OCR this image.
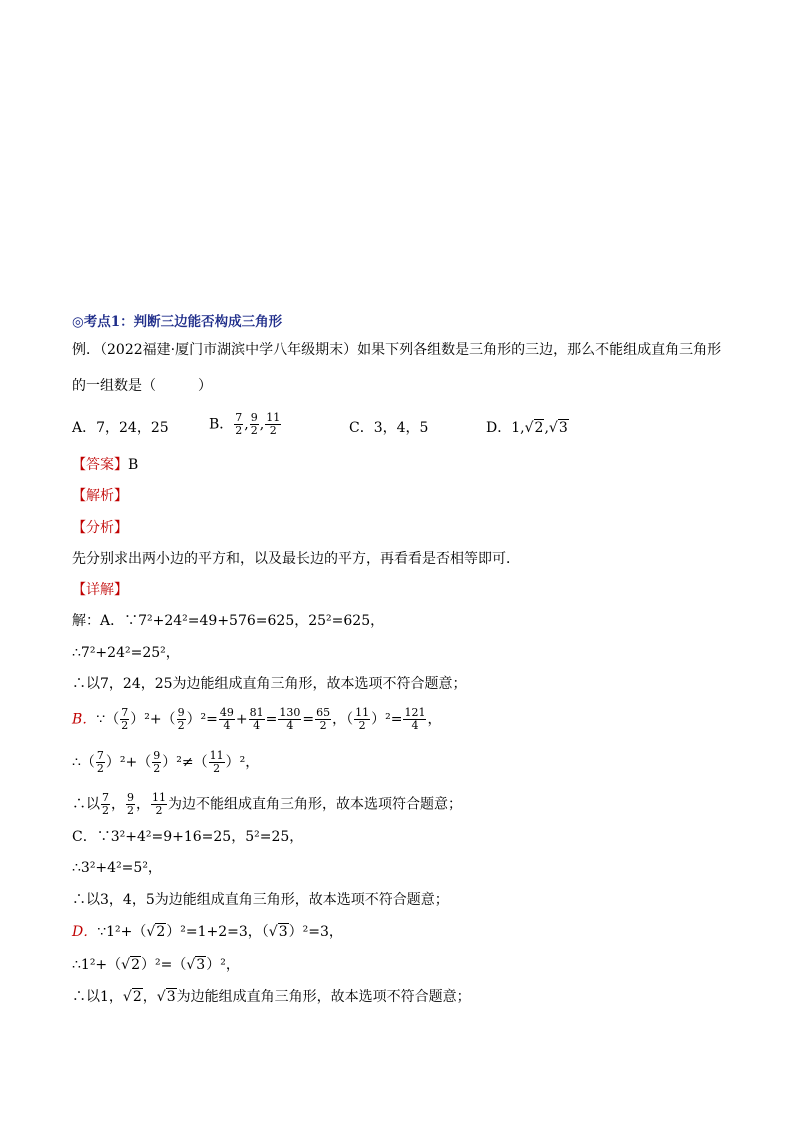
◎考点1：判断三边能否构成三角形
例．（2022福建·厦门市湖滨中学八年级期末）如果下列各组数是三角形的三边，那么不能组成直角三角形
的一组数是（　　　）
A．7，24，25	B． $\frac{7}{2}$ , $\frac{9}{2}$ , $\frac{11}{2}$	C．3，4，5	D．1,√2,√3
【答案】B
【解析】
【分析】
先分别求出两小边的平方和，以及最长边的平方，再看看是否相等即可．
【详解】
解：A．∵7²+24²=49+576=625，25²=625，
∴7²+24²=25²，
∴以7，24，25为边能组成直角三角形，故本选项不符合题意；
B．∵（ $\frac{7}{2} )^2+( \frac{9}{2} )^2= \frac{49}{4} + \frac{81}{4} = \frac{130}{4} = \frac{65}{2}$ ，（ $\frac{11}{2} )^2= \frac{121}{4}$ ，
∴（ $\frac{7}{2} )^2+( \frac{9}{2} )^2\ne( \frac{11}{2} )^2$，
∴以 $\frac{7}{2}$ ， $\frac{9}{2}$ ， $\frac{11}{2}$ 为边不能组成直角三角形，故本选项符合题意；
C．∵3²+4²=9+16=25，5²=25，
∴3²+4²=5²，
∴以3，4，5为边能组成直角三角形，故本选项不符合题意；
D．∵1²+（√2）²=1+2=3，（√3）²=3，
∴1²+（√2）²=（√3）²，
∴以1，√2，√3为边能组成直角三角形，故本选项不符合题意；
